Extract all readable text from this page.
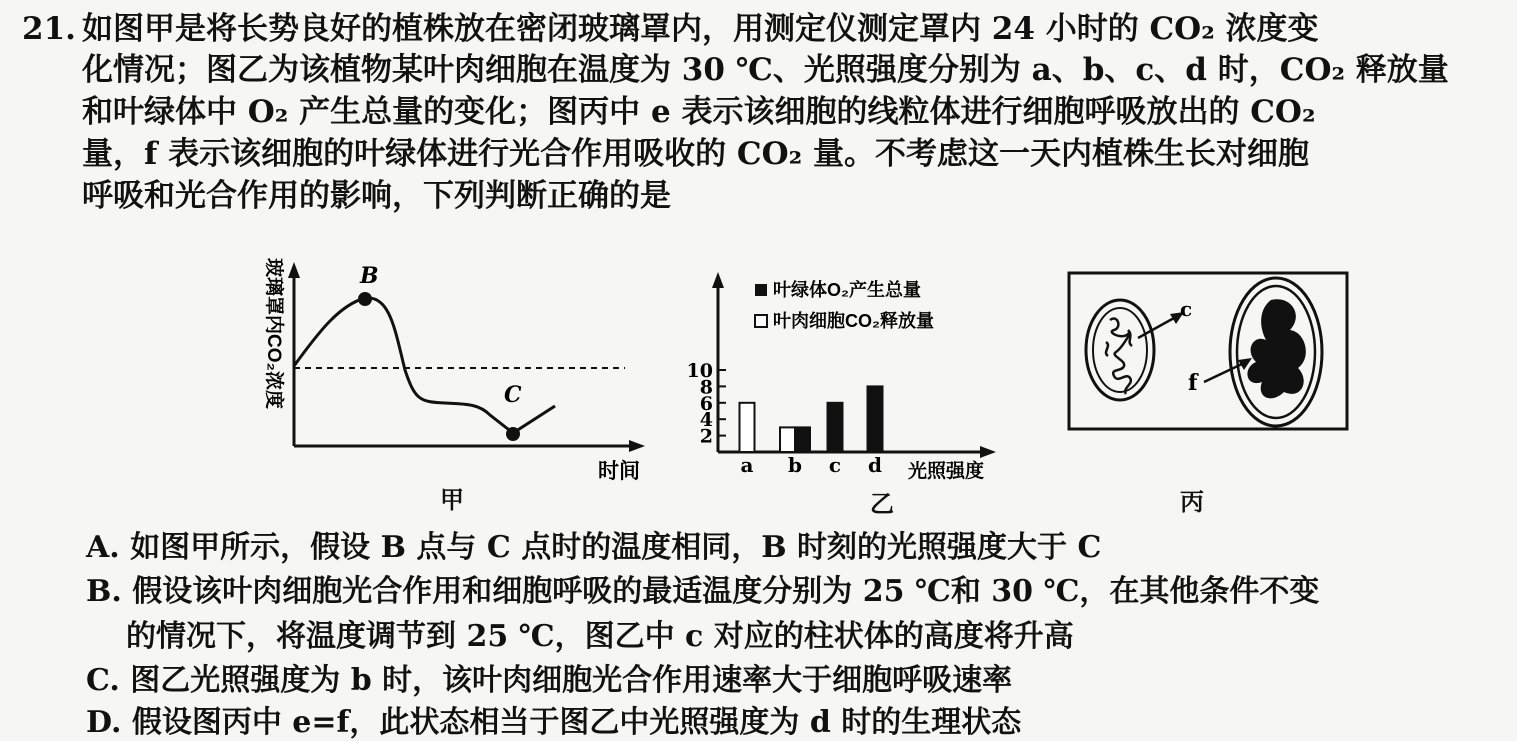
21. 如图甲是将长势良好的植株放在密闭玻璃罩内，用测定仪测定罩内 24 小时的 CO₂ 浓度变
化情况；图乙为该植物某叶肉细胞在温度为 30 ℃、光照强度分别为 a、b、c、d 时，CO₂ 释放量
和叶绿体中 O₂ 产生总量的变化；图丙中 e 表示该细胞的线粒体进行细胞呼吸放出的 CO₂
量，f 表示该细胞的叶绿体进行光合作用吸收的 CO₂ 量。不考虑这一天内植株生长对细胞
呼吸和光合作用的影响，下列判断正确的是
玻璃罩内CO₂浓度	B
C
时间
甲
叶绿体O₂产生总量
叶肉细胞CO₂释放量
光照强度
2
4
6
8
10
a b c d
乙
c
f
丙
A. 如图甲所示，假设 B 点与 C 点时的温度相同，B 时刻的光照强度大于 C
B. 假设该叶肉细胞光合作用和细胞呼吸的最适温度分别为 25 ℃和 30 ℃，在其他条件不变
的情况下，将温度调节到 25 ℃，图乙中 c 对应的柱状体的高度将升高
C. 图乙光照强度为 b 时，该叶肉细胞光合作用速率大于细胞呼吸速率
D. 假设图丙中 e=f，此状态相当于图乙中光照强度为 d 时的生理状态
